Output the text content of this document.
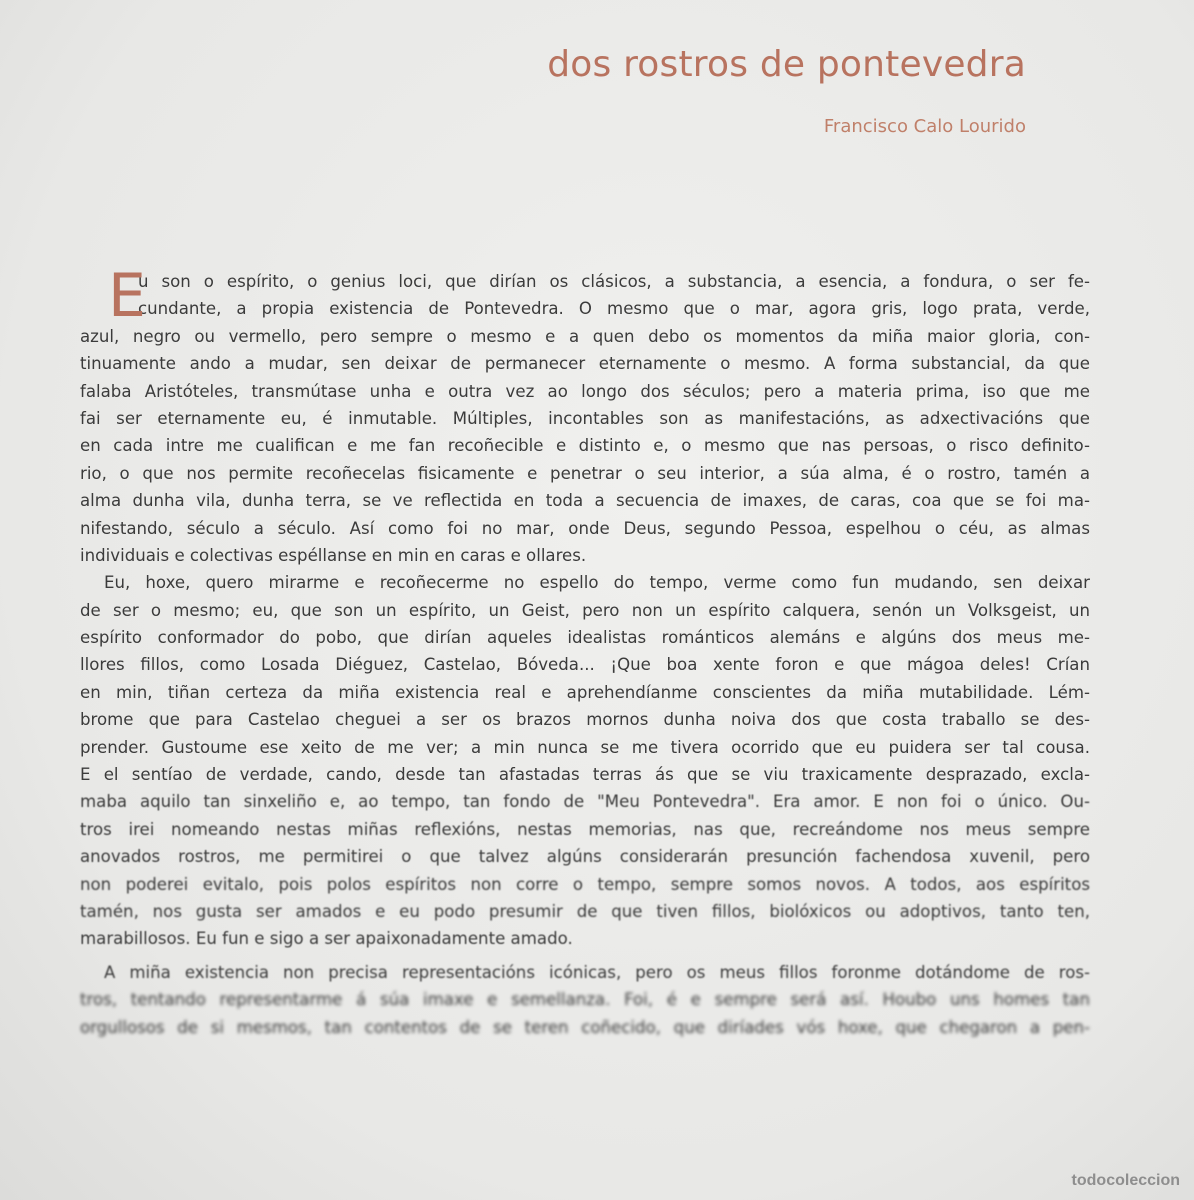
dos rostros de pontevedra
Francisco Calo Lourido
E
u son o espírito, o genius loci, que dirían os clásicos, a substancia, a esencia, a fondura, o ser fe-
cundante, a propia existencia de Pontevedra. O mesmo que o mar, agora gris, logo prata, verde,
azul, negro ou vermello, pero sempre o mesmo e a quen debo os momentos da miña maior gloria, con-
tinuamente ando a mudar, sen deixar de permanecer eternamente o mesmo. A forma substancial, da que
falaba Aristóteles, transmútase unha e outra vez ao longo dos séculos; pero a materia prima, iso que me
fai ser eternamente eu, é inmutable. Múltiples, incontables son as manifestacións, as adxectivacións que
en cada intre me cualifican e me fan recoñecible e distinto e, o mesmo que nas persoas, o risco definito-
rio, o que nos permite recoñecelas fisicamente e penetrar o seu interior, a súa alma, é o rostro, tamén a
alma dunha vila, dunha terra, se ve reflectida en toda a secuencia de imaxes, de caras, coa que se foi ma-
nifestando, século a século. Así como foi no mar, onde Deus, segundo Pessoa, espelhou o céu, as almas
individuais e colectivas espéllanse en min en caras e ollares.
Eu, hoxe, quero mirarme e recoñecerme no espello do tempo, verme como fun mudando, sen deixar
de ser o mesmo; eu, que son un espírito, un Geist, pero non un espírito calquera, senón un Volksgeist, un
espírito conformador do pobo, que dirían aqueles idealistas románticos alemáns e algúns dos meus me-
llores fillos, como Losada Diéguez, Castelao, Bóveda... ¡Que boa xente foron e que mágoa deles! Crían
en min, tiñan certeza da miña existencia real e aprehendíanme conscientes da miña mutabilidade. Lém-
brome que para Castelao cheguei a ser os brazos mornos dunha noiva dos que costa traballo se des-
prender. Gustoume ese xeito de me ver; a min nunca se me tivera ocorrido que eu puidera ser tal cousa.
E el sentíao de verdade, cando, desde tan afastadas terras ás que se viu traxicamente desprazado, excla-
maba aquilo tan sinxeliño e, ao tempo, tan fondo de "Meu Pontevedra". Era amor. E non foi o único. Ou-
tros irei nomeando nestas miñas reflexións, nestas memorias, nas que, recreándome nos meus sempre
anovados rostros, me permitirei o que talvez algúns considerarán presunción fachendosa xuvenil, pero
non poderei evitalo, pois polos espíritos non corre o tempo, sempre somos novos. A todos, aos espíritos
tamén, nos gusta ser amados e eu podo presumir de que tiven fillos, biolóxicos ou adoptivos, tanto ten,
marabillosos. Eu fun e sigo a ser apaixonadamente amado.
A miña existencia non precisa representacións icónicas, pero os meus fillos foronme dotándome de ros-
tros, tentando representarme á súa imaxe e semellanza. Foi, é e sempre será así. Houbo uns homes tan
orgullosos de si mesmos, tan contentos de se teren coñecido, que diríades vós hoxe, que chegaron a pen-
todocoleccion
